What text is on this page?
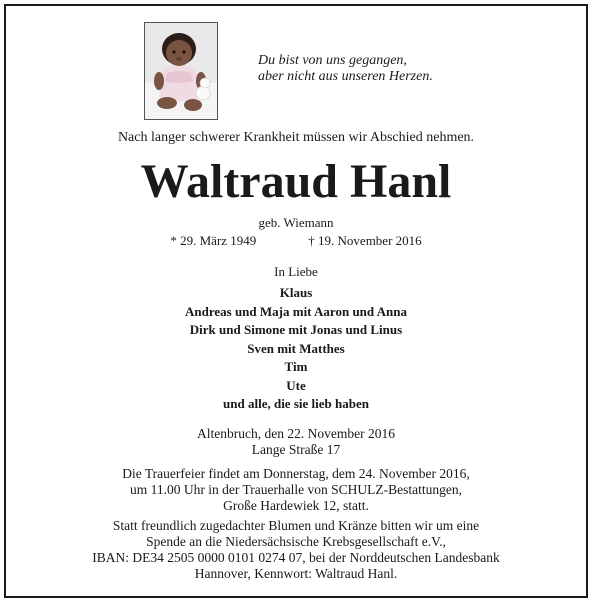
Du bist von uns gegangen,
aber nicht aus unseren Herzen.
Nach langer schwerer Krankheit müssen wir Abschied nehmen.
Waltraud Hanl
geb. Wiemann
* 29. März 1949	† 19. November 2016
In Liebe
Klaus
Andreas und Maja mit Aaron und Anna
Dirk und Simone mit Jonas und Linus
Sven mit Matthes
Tim
Ute
und alle, die sie lieb haben
Altenbruch, den 22. November 2016
Lange Straße 17
Die Trauerfeier findet am Donnerstag, dem 24. November 2016,
um 11.00 Uhr in der Trauerhalle von SCHULZ-Bestattungen,
Große Hardewiek 12, statt.
Statt freundlich zugedachter Blumen und Kränze bitten wir um eine
Spende an die Niedersächsische Krebsgesellschaft e.V.,
IBAN: DE34 2505 0000 0101 0274 07, bei der Norddeutschen Landesbank
Hannover, Kennwort: Waltraud Hanl.
